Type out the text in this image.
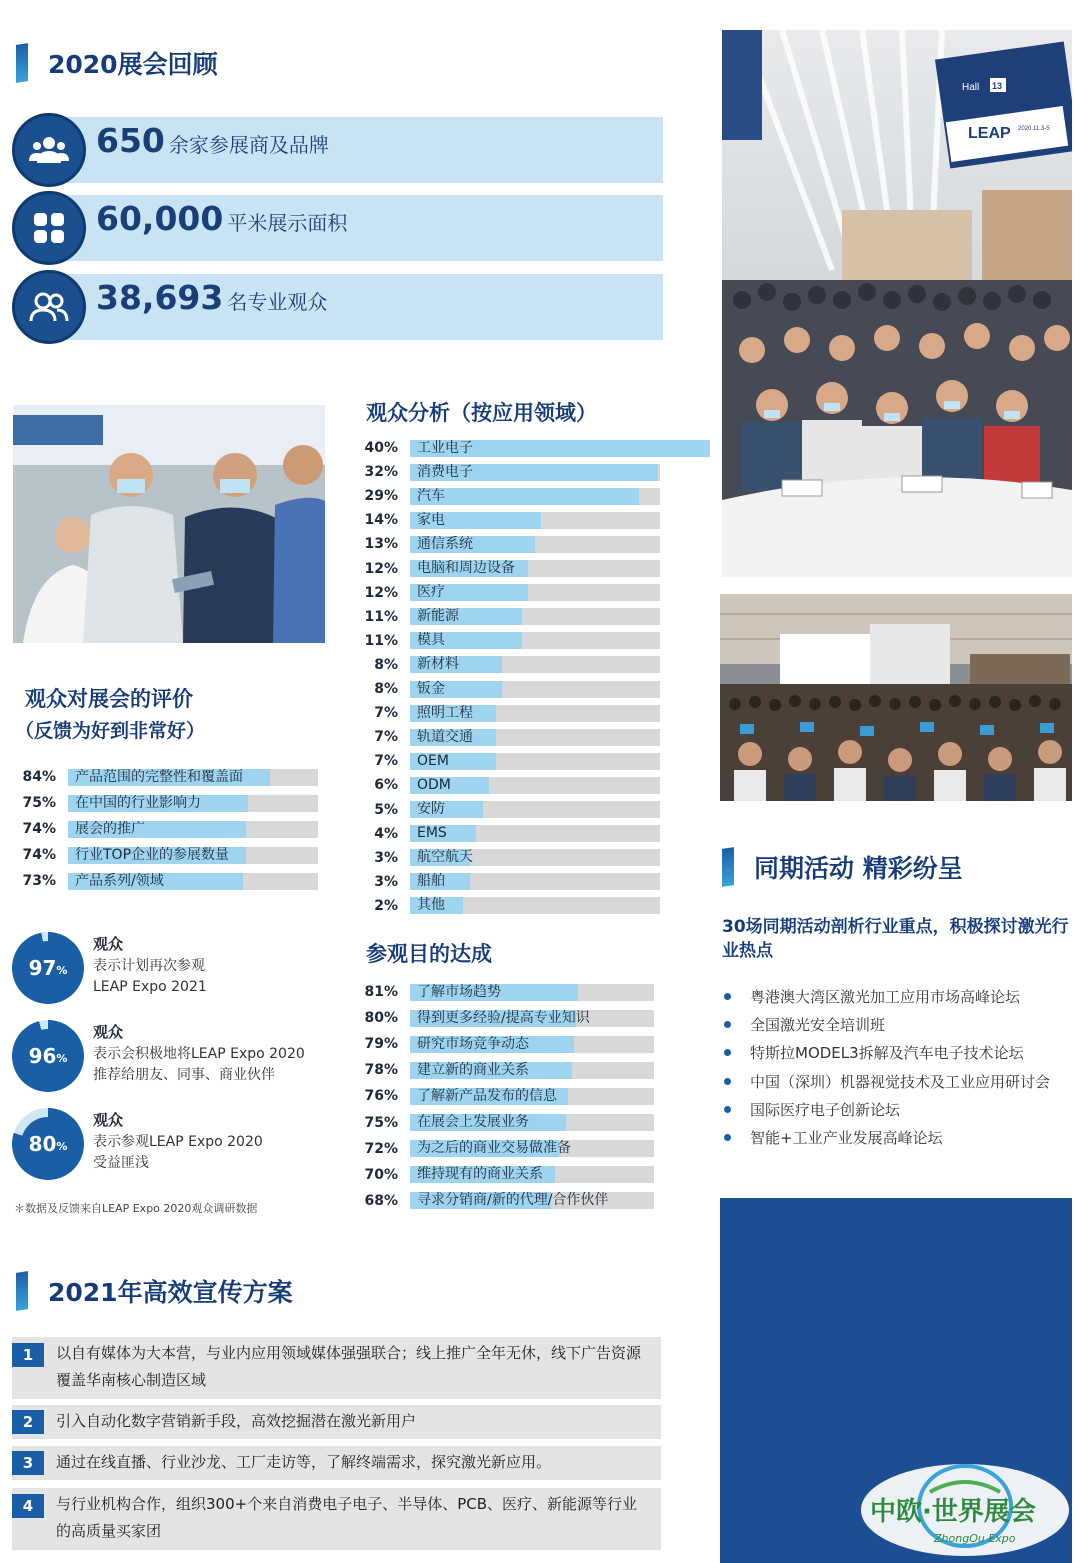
2020展会回顾
650 余家参展商及品牌
60,000 平米展示面积
38,693 名专业观众
观众对展会的评价
（反馈为好到非常好）
84% 产品范围的完整性和覆盖面
75% 在中国的行业影响力
74% 展会的推广
74% 行业TOP企业的参展数量
73% 产品系列/领域
97 %
观众
表示计划再次参观
LEAP Expo 2021
96 %
观众
表示会积极地将LEAP Expo 2020
推荐给朋友、同事、商业伙伴
80 %
观众
表示参观LEAP Expo 2020
受益匪浅
＊数据及反馈来自LEAP Expo 2020观众调研数据
观众分析（按应用领域）
40% 工业电子
32% 消费电子
29% 汽车
14% 家电
13% 通信系统
12% 电脑和周边设备
12% 医疗
11% 新能源
11% 模具
8% 新材料
8% 钣金
7% 照明工程
7% 轨道交通
7% OEM
6% ODM
5% 安防
4% EMS
3% 航空航天
3% 船舶
2% 其他
参观目的达成
81% 了解市场趋势
80% 得到更多经验/提高专业知识
79% 研究市场竞争动态
78% 建立新的商业关系
76% 了解新产品发布的信息
75% 在展会上发展业务
72% 为之后的商业交易做准备
70% 维持现有的商业关系
68% 寻求分销商/新的代理/合作伙伴
Hall 13
LEAP 2020.11.3-5
同期活动 精彩纷呈
30场同期活动剖析行业重点，积极探讨激光行业热点
粤港澳大湾区激光加工应用市场高峰论坛
全国激光安全培训班
特斯拉MODEL3拆解及汽车电子技术论坛
中国（深圳）机器视觉技术及工业应用研讨会
国际医疗电子创新论坛
智能+工业产业发展高峰论坛
2021年高效宣传方案
1	以自有媒体为大本营，与业内应用领域媒体强强联合；线上推广全年无休，线下广告资源覆盖华南核心制造区域
2	引入自动化数字营销新手段，高效挖掘潜在激光新用户
3	通过在线直播、行业沙龙、工厂走访等，了解终端需求，探究激光新应用。
4	与行业机构合作，组织300+个来自消费电子电子、半导体、PCB、医疗、新能源等行业的高质量买家团
中欧·世界展会
ZhongOu Expo
